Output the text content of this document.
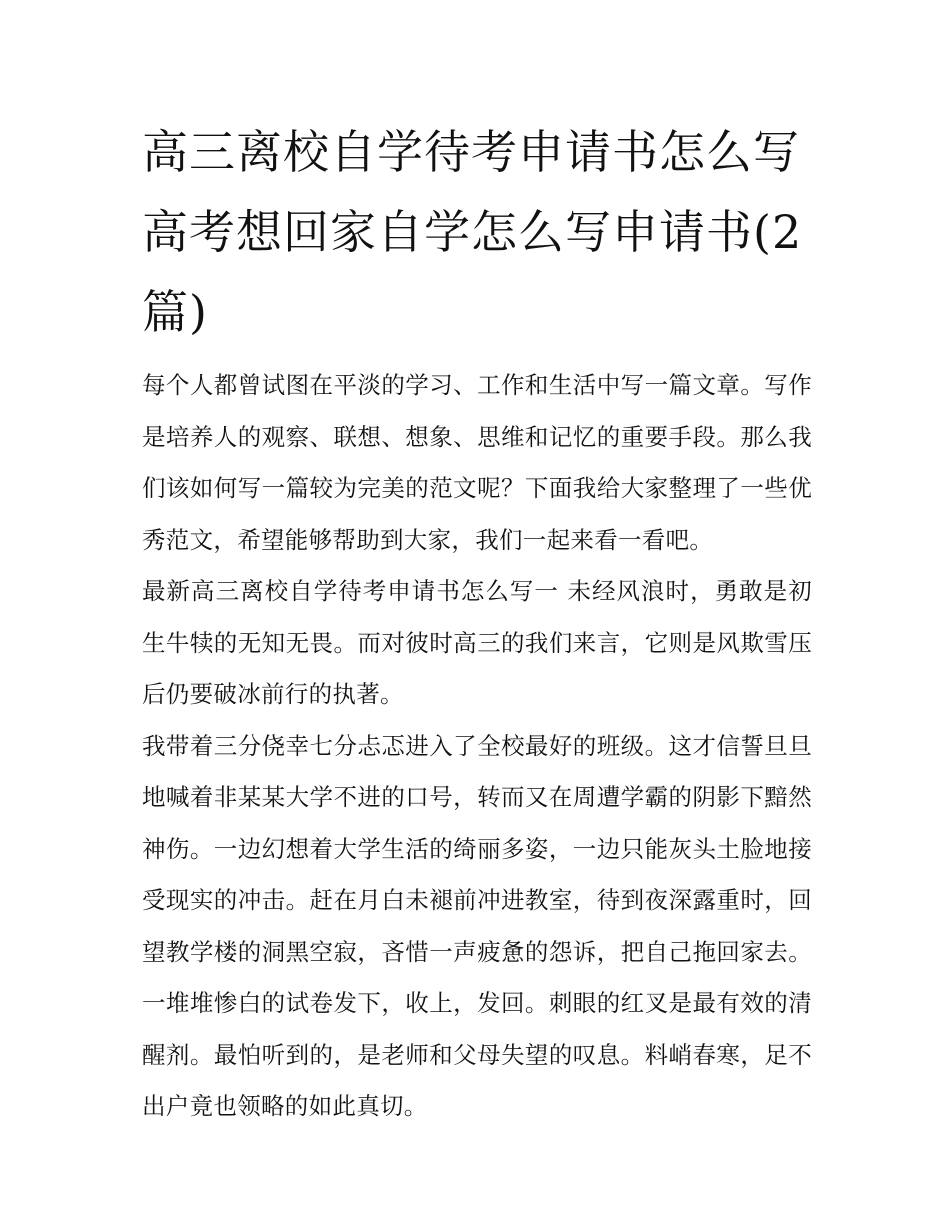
高三离校自学待考申请书怎么写 高考想回家自学怎么写申请书(2篇)

每个人都曾试图在平淡的学习、工作和生活中写一篇文章。写作是培养人的观察、联想、想象、思维和记忆的重要手段。那么我们该如何写一篇较为完美的范文呢？下面我给大家整理了一些优秀范文，希望能够帮助到大家，我们一起来看一看吧。

最新高三离校自学待考申请书怎么写一 未经风浪时，勇敢是初生牛犊的无知无畏。而对彼时高三的我们来言，它则是风欺雪压后仍要破冰前行的执著。

我带着三分侥幸七分忐忑进入了全校最好的班级。这才信誓旦旦地喊着非某某大学不进的口号，转而又在周遭学霸的阴影下黯然神伤。一边幻想着大学生活的绮丽多姿，一边只能灰头土脸地接受现实的冲击。赶在月白未褪前冲进教室，待到夜深露重时，回望教学楼的洞黑空寂，吝惜一声疲惫的怨诉，把自己拖回家去。一堆堆惨白的试卷发下，收上，发回。刺眼的红叉是最有效的清醒剂。最怕听到的，是老师和父母失望的叹息。料峭春寒，足不出户竟也领略的如此真切。
